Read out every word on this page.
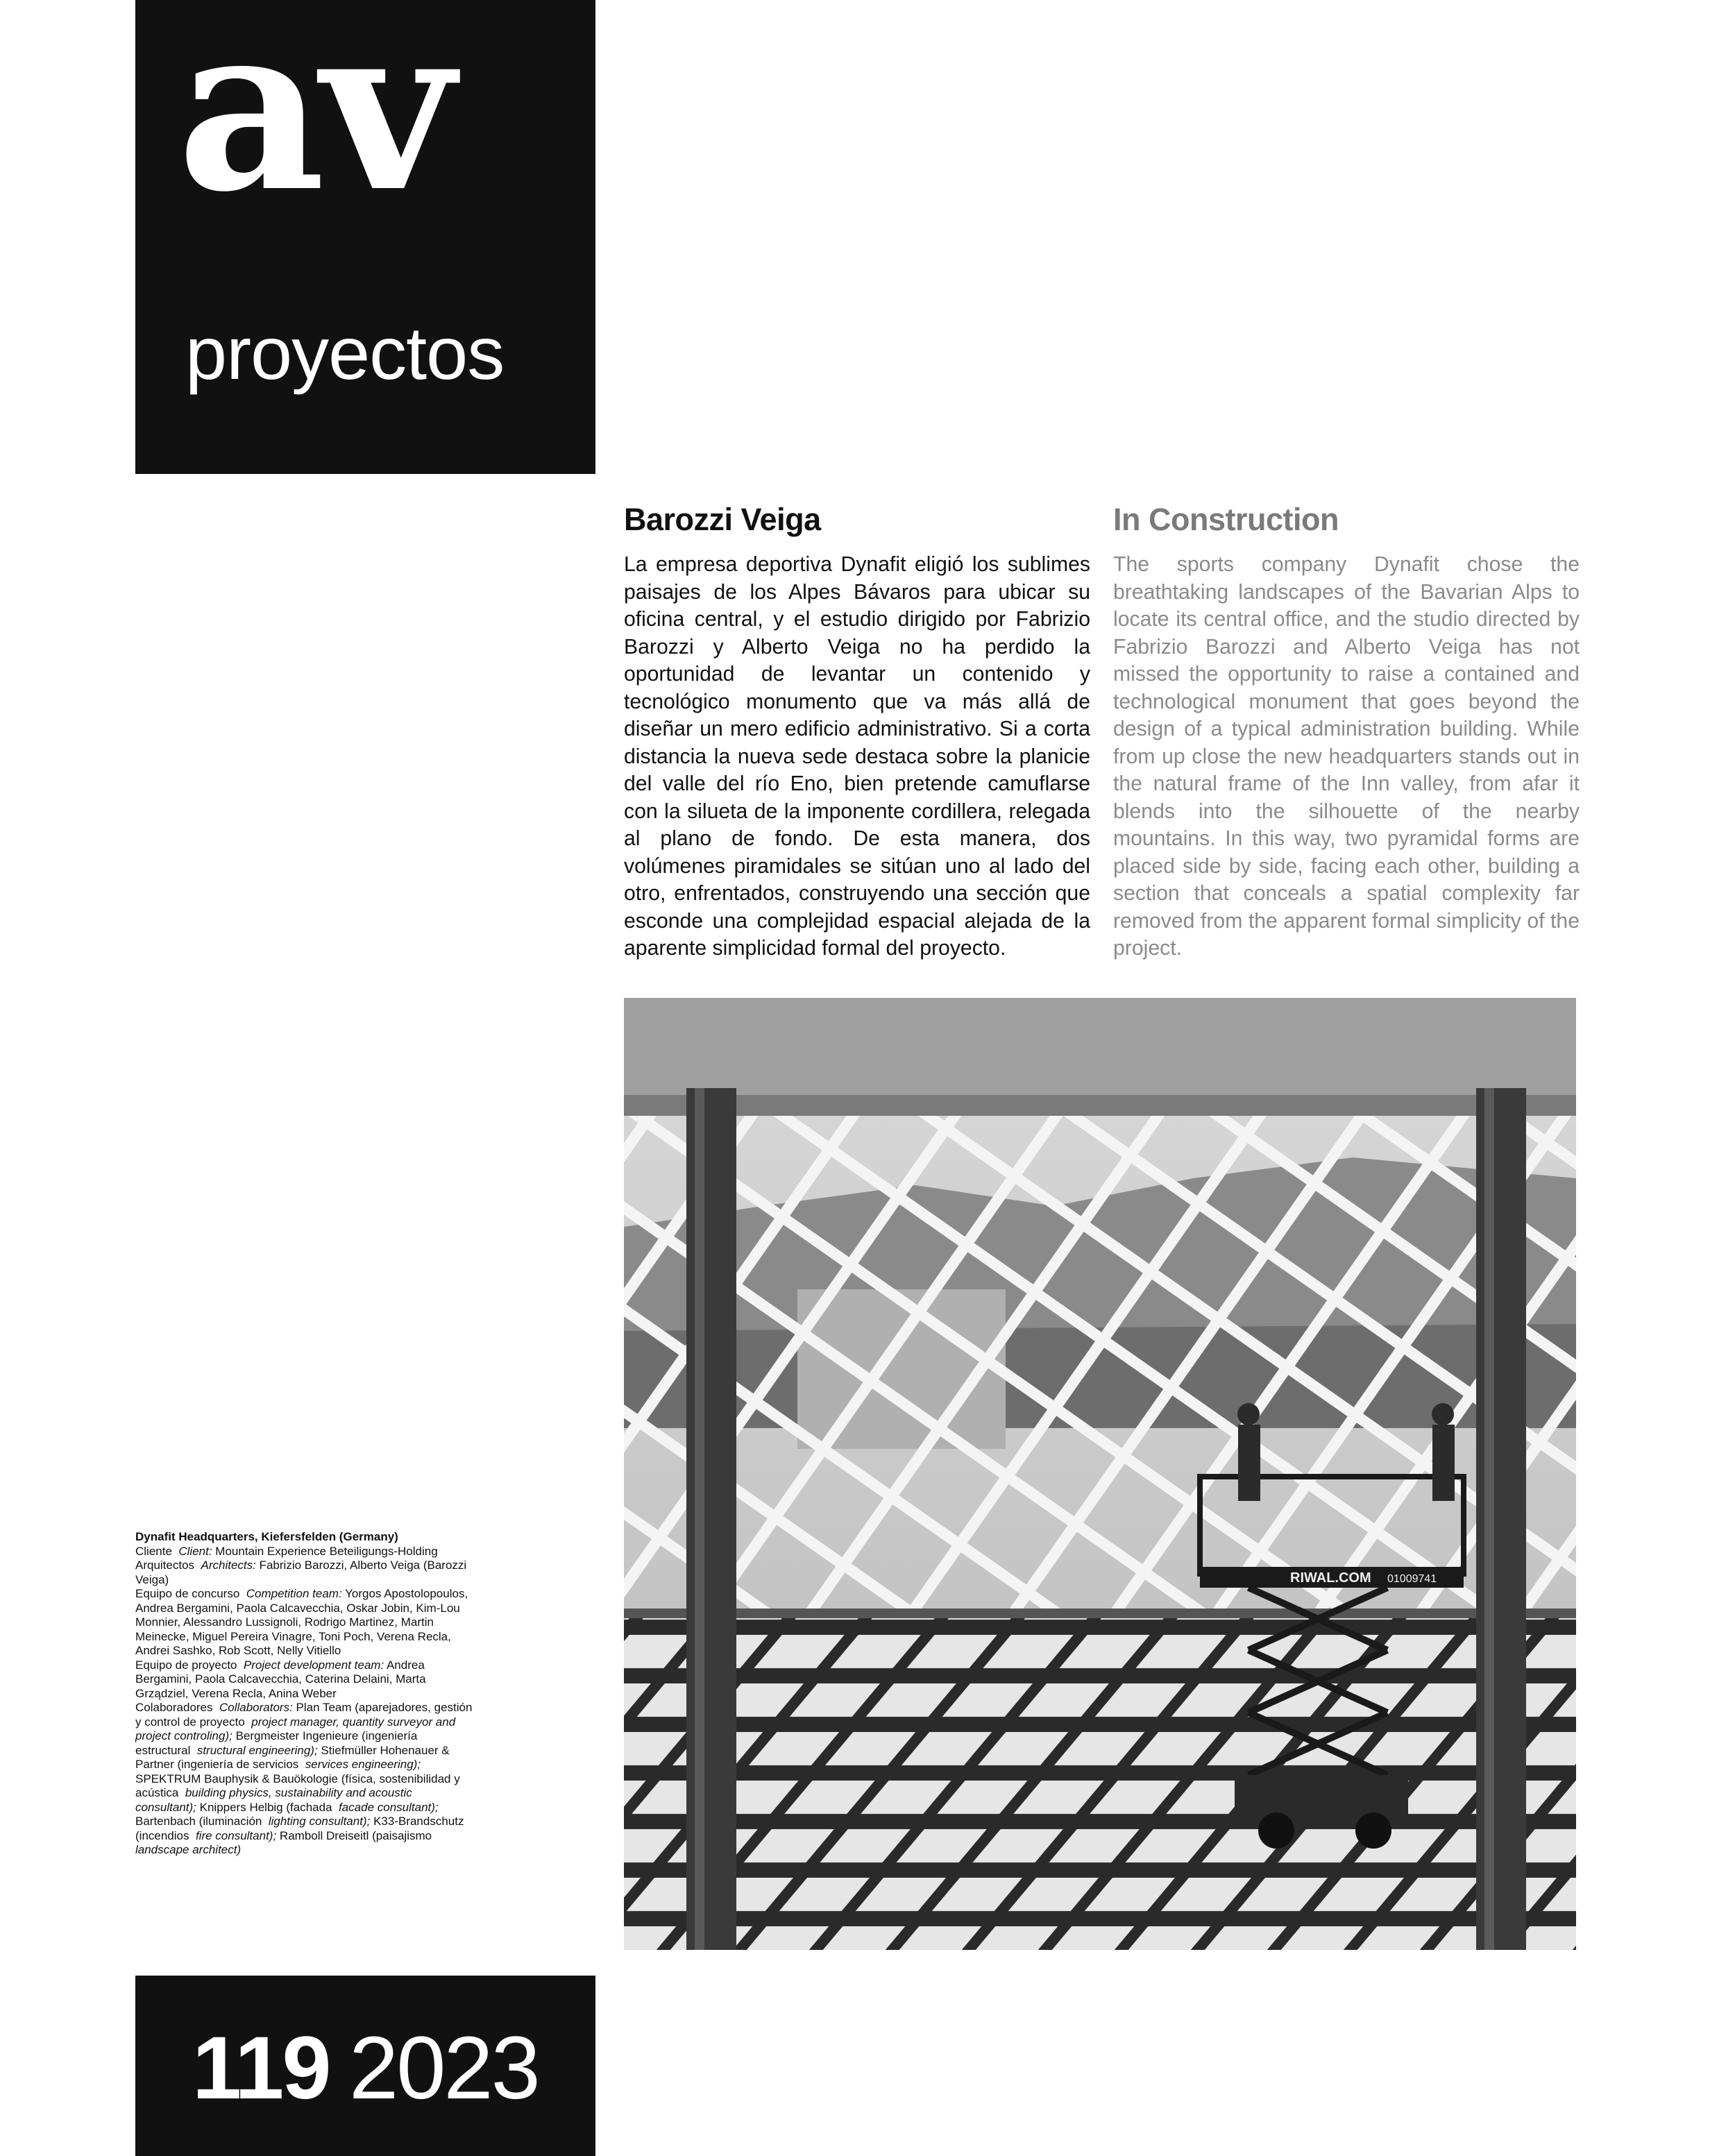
av
proyectos
Barozzi Veiga

La empresa deportiva Dynafit eligió los sublimes paisajes de los Alpes Bávaros para ubicar su oficina central, y el estudio dirigido por Fabrizio Barozzi y Alberto Veiga no ha perdido la oportunidad de levantar un contenido y tecnológico monumento que va más allá de diseñar un mero edificio administrativo. Si a corta distancia la nueva sede destaca sobre la planicie del valle del río Eno, bien pretende camuflarse con la silueta de la imponente cordillera, relegada al plano de fondo. De esta manera, dos volúmenes piramidales se sitúan uno al lado del otro, enfrentados, construyendo una sección que esconde una complejidad espacial alejada de la aparente simplicidad formal del proyecto.

In Construction

The sports company Dynafit chose the breathtaking landscapes of the Bavarian Alps to locate its central office, and the studio directed by Fabrizio Barozzi and Alberto Veiga has not missed the opportunity to raise a contained and technological monument that goes beyond the design of a typical administration building. While from up close the new headquarters stands out in the natural frame of the Inn valley, from afar it blends into the silhouette of the nearby mountains. In this way, two pyramidal forms are placed side by side, facing each other, building a section that conceals a spatial complexity far removed from the apparent formal simplicity of the project.

RIWAL.COM 01009741
Dynafit Headquarters, Kiefersfelden (Germany)
Cliente Client: Mountain Experience Beteiligungs-Holding
Arquitectos Architects: Fabrizio Barozzi, Alberto Veiga (Barozzi Veiga)
Equipo de concurso Competition team: Yorgos Apostolopoulos, Andrea Bergamini, Paola Calcavecchia, Oskar Jobin, Kim-Lou Monnier, Alessandro Lussignoli, Rodrigo Martinez, Martin Meinecke, Miguel Pereira Vinagre, Toni Poch, Verena Recla, Andrei Sashko, Rob Scott, Nelly Vitiello
Equipo de proyecto Project development team: Andrea Bergamini, Paola Calcavecchia, Caterina Delaini, Marta Grządziel, Verena Recla, Anina Weber
Colaboradores Collaborators: Plan Team (aparejadores, gestión y control de proyecto project manager, quantity surveyor and project controling); Bergmeister Ingenieure (ingeniería estructural structural engineering); Stiefmüller Hohenauer & Partner (ingeniería de servicios services engineering); SPEKTRUM Bauphysik & Bauökologie (física, sostenibilidad y acústica building physics, sustainability and acoustic consultant); Knippers Helbig (fachada facade consultant); Bartenbach (iluminación lighting consultant); K33-Brandschutz (incendios fire consultant); Ramboll Dreiseitl (paisajismo  landscape architect)
119 2023
